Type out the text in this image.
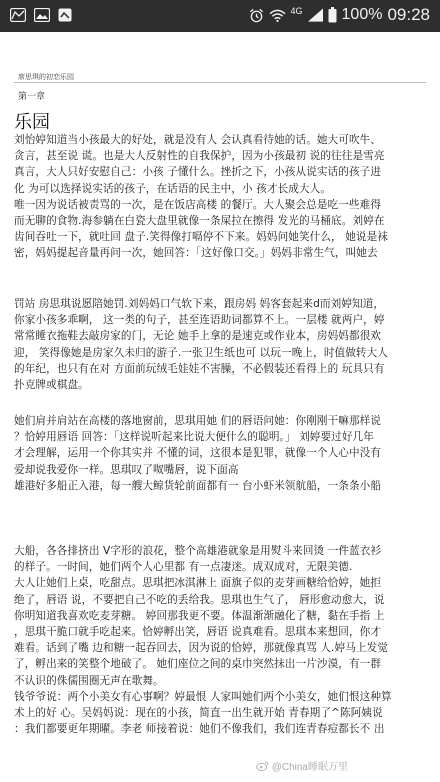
4G 100% 09:28
席思琪的初恋乐园
第一章
乐园

刘怡婷知道当小孩最大的好处，就是没有人 会认真看待她的话。她大可吹牛、

贪言，甚至说 谎。也是大人反射性的自我保护，因为小孩最初 说的往往是雪亮

真言，大人只好安慰自己：小孩 子懂什么。挫折之下，小孩从说实话的孩子进

化 为可以选择说实话的孩子，在话语的民主中，小 孩才长成大人。

唯一因为说话被责骂的一次，是在饭店高楼 的餐厅。大人聚会总是吃一些难得

而无聊的食物.海参躺在白瓷大盘里就像一条屎拉在擦得 发光的马桶底。刘婷在

齿间吞吐一下，就吐回 盘子.笑得像打嗝停不下来。妈妈问她笑什么， 她说是袜

密，妈妈提起音量再问一次，她回答：「这好像口交。」妈妈非常生气，叫她去

罚站 房思琪说愿陪她罚.刘妈妈口气软下来，跟房妈 妈客套起来d而刘婷知道，

你家小孩多乖啊， 这一类的句子，甚至连语助词都算不上。一层楼 就两户，婷

常常睡衣拖鞋去敲房家的门，无论 她手上拿的是速克或作业本，房妈妈都很欢

迎， 笑得像她是房家久未归的游子.一张卫生纸也可 以玩一晚上，时值做转大人

的年纪，也只有在对 方面前玩绒毛娃娃不害臊，不必假装还看得上的 玩具只有

扑克牌或棋盘。

她们肩并肩站在高楼的落地窗前，思琪用她 们的唇语问她：你刚刚干嘛那样说

？恰婷用唇语 回答：「这样说听起来比说大便什么的聪明。」 刘婷要过好几年

才会理解，运用一个你其实并 不懂的词，这很本是犯罪，就像一个人心中没有

爱却说我爱你一样。思琪叹了呶嘴唇，说下面高

雄港好多船正入港，每一艘大鲸货轮前面都有一 台小虾米领航船，一条条小船

大船，各各排挤出 V字形的浪花，整个高雄港就象是用熨斗来回烫 一件蓝衣衫

的样子。一时间，她们两个人心里都 有一点凄迷。成双成对，无限美德.

大人让她们上桌，吃甜点。思琪把冰淇淋上 面旗子似的麦芽画糖给恰婷，她拒

绝了，唇语 说，不要把自己不吃的丢给我。思琪也生气了， 唇形愈动愈大，说

你明知道我喜欢吃麦芽糖。 婷回那我更不要。体温渐渐融化了糖，黏在手指 上

，思琪干脆口就手吃起来。恰婷孵出笑，唇语 说真难看。思琪本来想回，你才

难看。话到了嘴 边和糖一起吞回去，因为说的恰婷，那就像真骂 人.婷马上发觉

了，孵出来的笑整个地破了。 她们座位之间的桌巾突然抹出一片沙漠，有一群

不认识的侏儒围圈无声在歌舞。

钱爷爷说：两个小美女有心事啊？婷最恨 人家叫她们两个小美女，她们恨这种算

术上的好 心。吴妈妈说：现在的小孩，简直一出生就开始 青春期了^陈阿姨说

：我们都要更年期曜。李老 师接着说：她们不像我们，我们连青春痘都长不 出

@China睡眠万里
